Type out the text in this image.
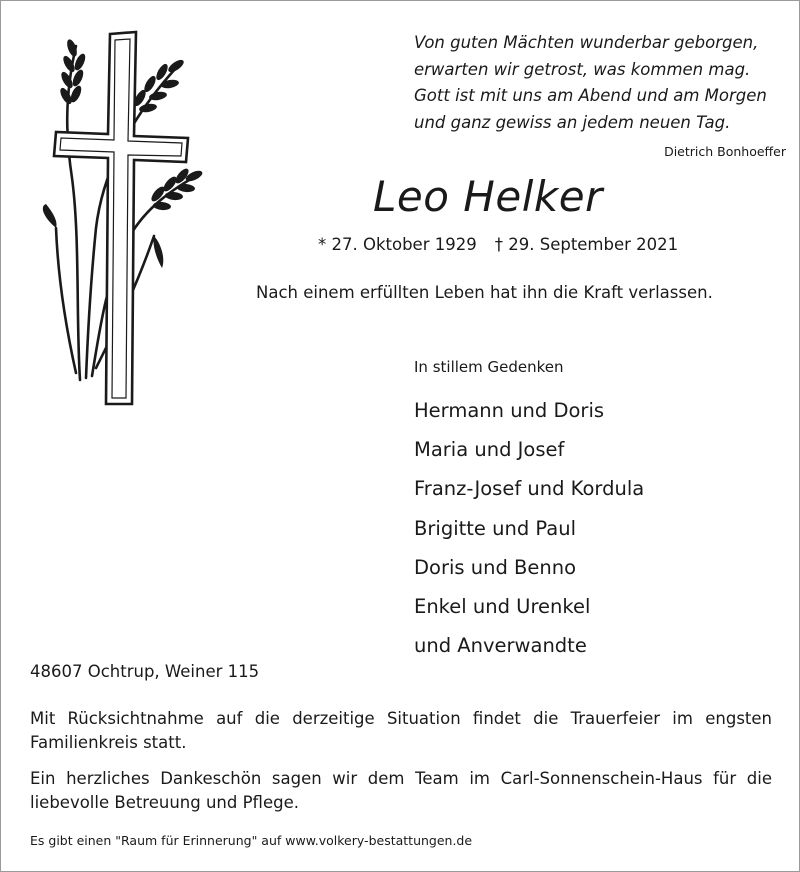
Von guten Mächten wunderbar geborgen,
erwarten wir getrost, was kommen mag.
Gott ist mit uns am Abend und am Morgen
und ganz gewiss an jedem neuen Tag.
Dietrich Bonhoeffer
Leo Helker
* 27. Oktober 1929 † 29. September 2021
Nach einem erfüllten Leben hat ihn die Kraft verlassen.
In stillem Gedenken
Hermann und Doris
Maria und Josef
Franz-Josef und Kordula
Brigitte und Paul
Doris und Benno
Enkel und Urenkel
und Anverwandte
48607 Ochtrup, Weiner 115
Mit Rücksichtnahme auf die derzeitige Situation findet die Trauerfeier im engsten Familienkreis statt.
Ein herzliches Dankeschön sagen wir dem Team im Carl-Sonnenschein-Haus für die liebevolle Betreuung und Pflege.
Es gibt einen "Raum für Erinnerung" auf www.volkery-bestattungen.de
